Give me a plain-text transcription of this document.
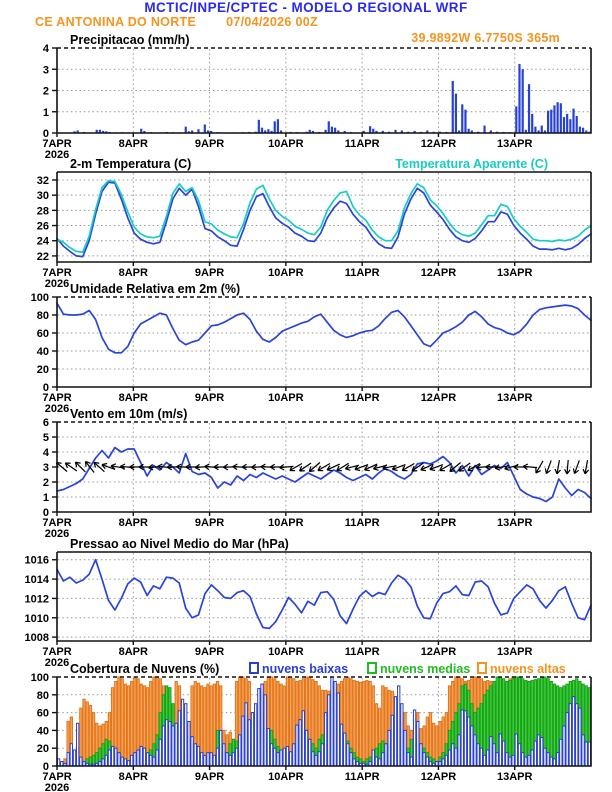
MCTIC/INPE/CPTEC - MODELO REGIONAL WRF
CE ANTONINA DO NORTE 07/04/2026 00Z
39.9892W 6.7750S 365m
0
1
2
3
4
7APR
2026
8APR	9APR	10APR	11APR	12APR	13APR
Precipitacao (mm/h)
22
24
26
28
30
32
7APR
2026
8APR	9APR	10APR	11APR	12APR	13APR
2-m Temperatura (C)	Temperatura Aparente (C)
0
20
40
60
80
100
7APR
2026
8APR	9APR	10APR	11APR	12APR	13APR
Umidade Relativa em 2m (%)
0
1
2
3
4
5
6
7APR
2026
8APR	9APR	10APR	11APR	12APR	13APR
Vento em 10m (m/s)
1008
1010
1012
1014
1016
7APR
2026
8APR	9APR	10APR	11APR	12APR	13APR
Pressao ao Nivel Medio do Mar (hPa)
0
20
40
60
80
100
7APR
2026
8APR	9APR	10APR	11APR	12APR	13APR
Cobertura de Nuvens (%)	nuvens baixas	nuvens medias nuvens altas
